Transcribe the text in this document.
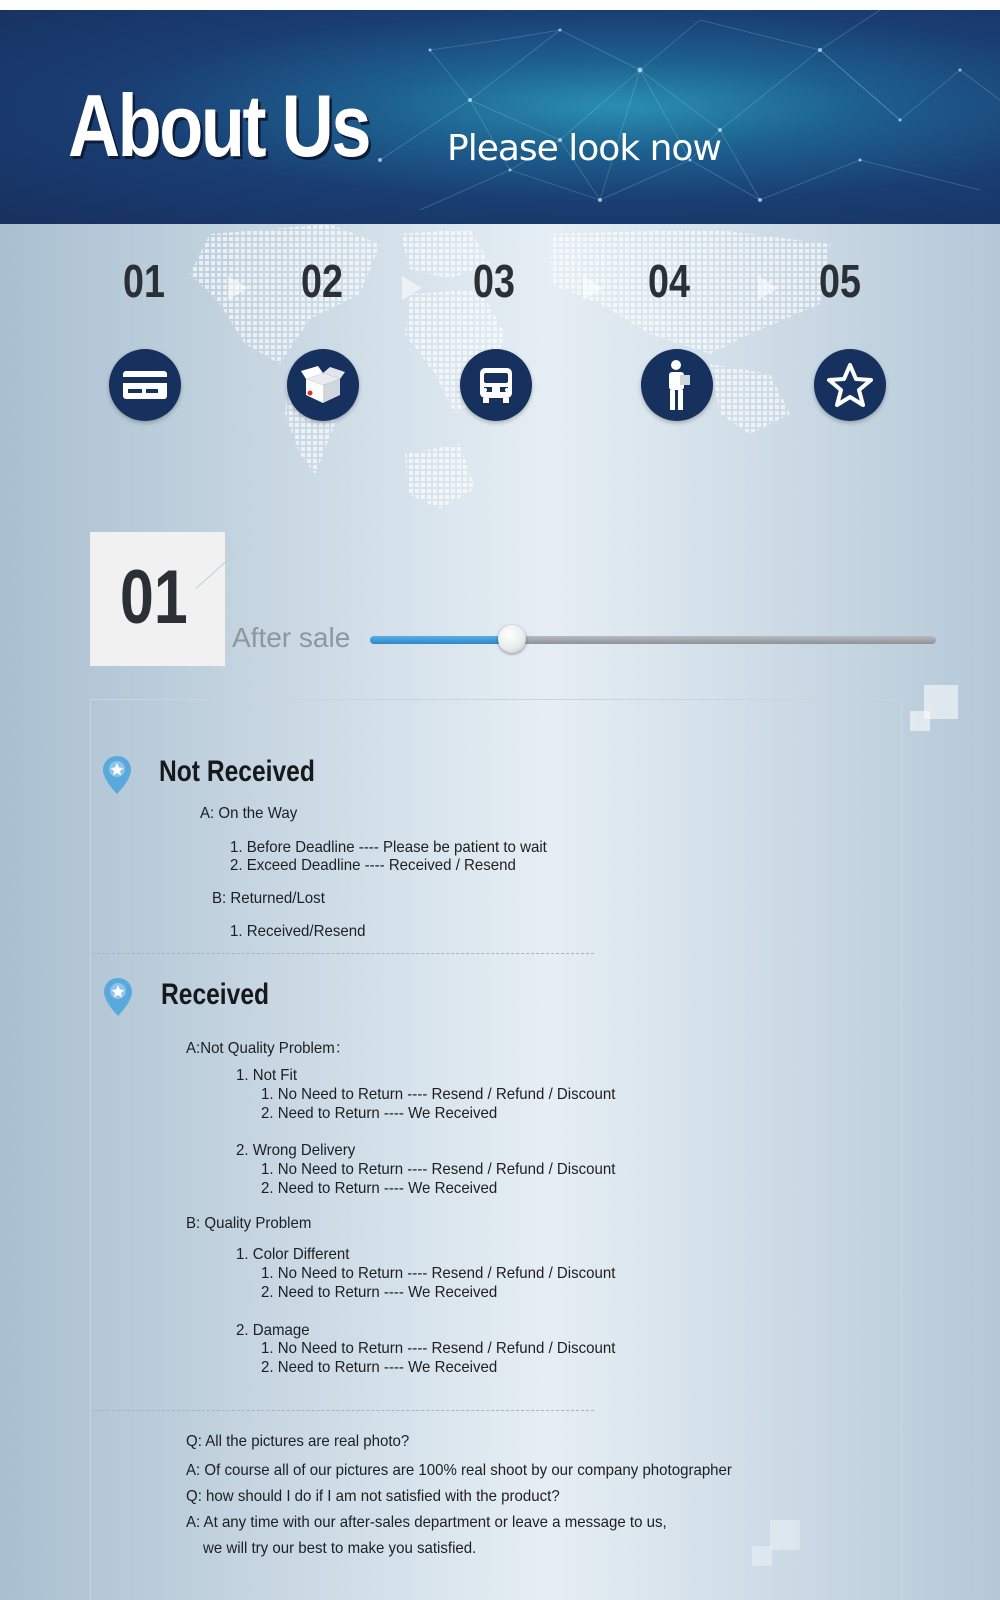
About Us Please look now
01	02	03	04	05
01 After sale
Not Received
A: On the Way
1. Before Deadline ---- Please be patient to wait
2. Exceed Deadline ---- Received / Resend
B: Returned/Lost
1. Received/Resend
Received
A:Not Quality Problem：
1. Not Fit
1. No Need to Return ---- Resend / Refund / Discount
2. Need to Return ---- We Received
2. Wrong Delivery
1. No Need to Return ---- Resend / Refund / Discount
2. Need to Return ---- We Received
B: Quality Problem
1. Color Different
1. No Need to Return ---- Resend / Refund / Discount
2. Need to Return ---- We Received
2. Damage
1. No Need to Return ---- Resend / Refund / Discount
2. Need to Return ---- We Received
Q: All the pictures are real photo?
A: Of course all of our pictures are 100% real shoot by our company photographer
Q: how should I do if I am not satisfied with the product?
A: At any time with our after-sales department or leave a message to us,
we will try our best to make you satisfied.
